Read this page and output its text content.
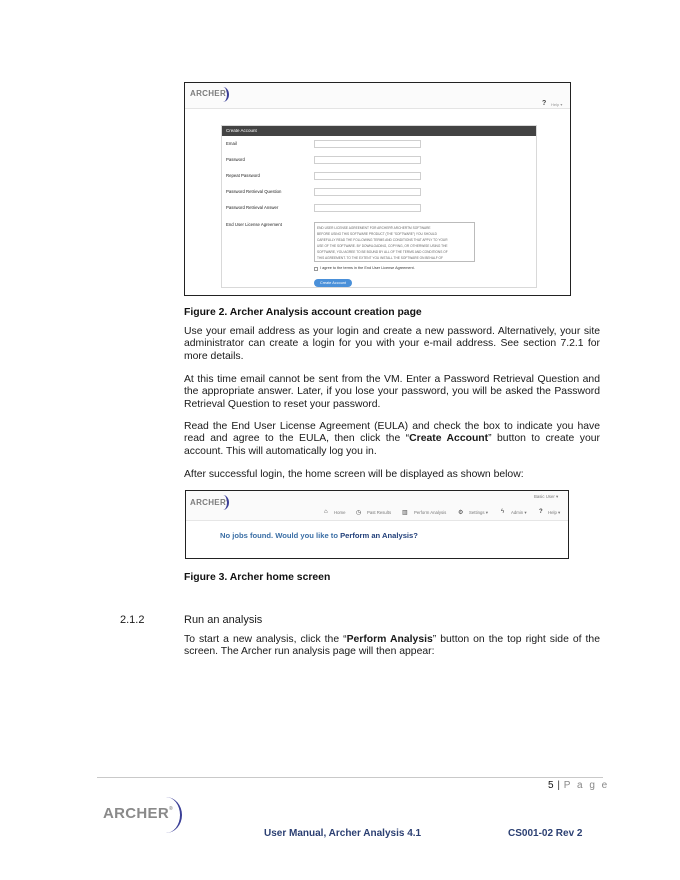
ARCHER®
? Help ▾
Create Account
Email
Password
Repeat Password
Password Retrieval Question
Password Retrieval Answer
End User License Agreement
END USER LICENSE AGREEMENT FOR ARCHER® ARCHERTM SOFTWARE
BEFORE USING THIS SOFTWARE PRODUCT (THE "SOFTWARE") YOU SHOULD
CAREFULLY READ THE FOLLOWING TERMS AND CONDITIONS THAT APPLY TO YOUR
USE OF THE SOFTWARE. BY DOWNLOADING, COPYING, OR OTHERWISE USING THE
SOFTWARE, YOU AGREE TO BE BOUND BY ALL OF THE TERMS AND CONDITIONS OF
THIS AGREEMENT. TO THE EXTENT YOU INSTALL THE SOFTWARE ON BEHALF OF
I agree to the terms in the End User License Agreement.
Create Account
Figure 2. Archer Analysis account creation page
Use your email address as your login and create a new password. Alternatively, your site administrator can create a login for you with your e-mail address. See section 7.2.1 for more details.
At this time email cannot be sent from the VM. Enter a Password Retrieval Question and the appropriate answer. Later, if you lose your password, you will be asked the Password Retrieval Question to reset your password.
Read the End User License Agreement (EULA) and check the box to indicate you have read and agree to the EULA, then click the “Create Account” button to create your account. This will automatically log you in.
After successful login, the home screen will be displayed as shown below:
ARCHER®
Basic User ▾
⌂ Home ◷ Past Results ▥ Perform Analysis ⚙ Settings ▾ ϟ Admin ▾ ? Help ▾
No jobs found. Would you like to Perform an Analysis?
Figure 3. Archer home screen
2.1.2	Run an analysis
To start a new analysis, click the “Perform Analysis” button on the top right side of the screen. The Archer run analysis page will then appear:
5 | P a g e
ARCHER®
User Manual, Archer Analysis 4.1	CS001-02 Rev 2
